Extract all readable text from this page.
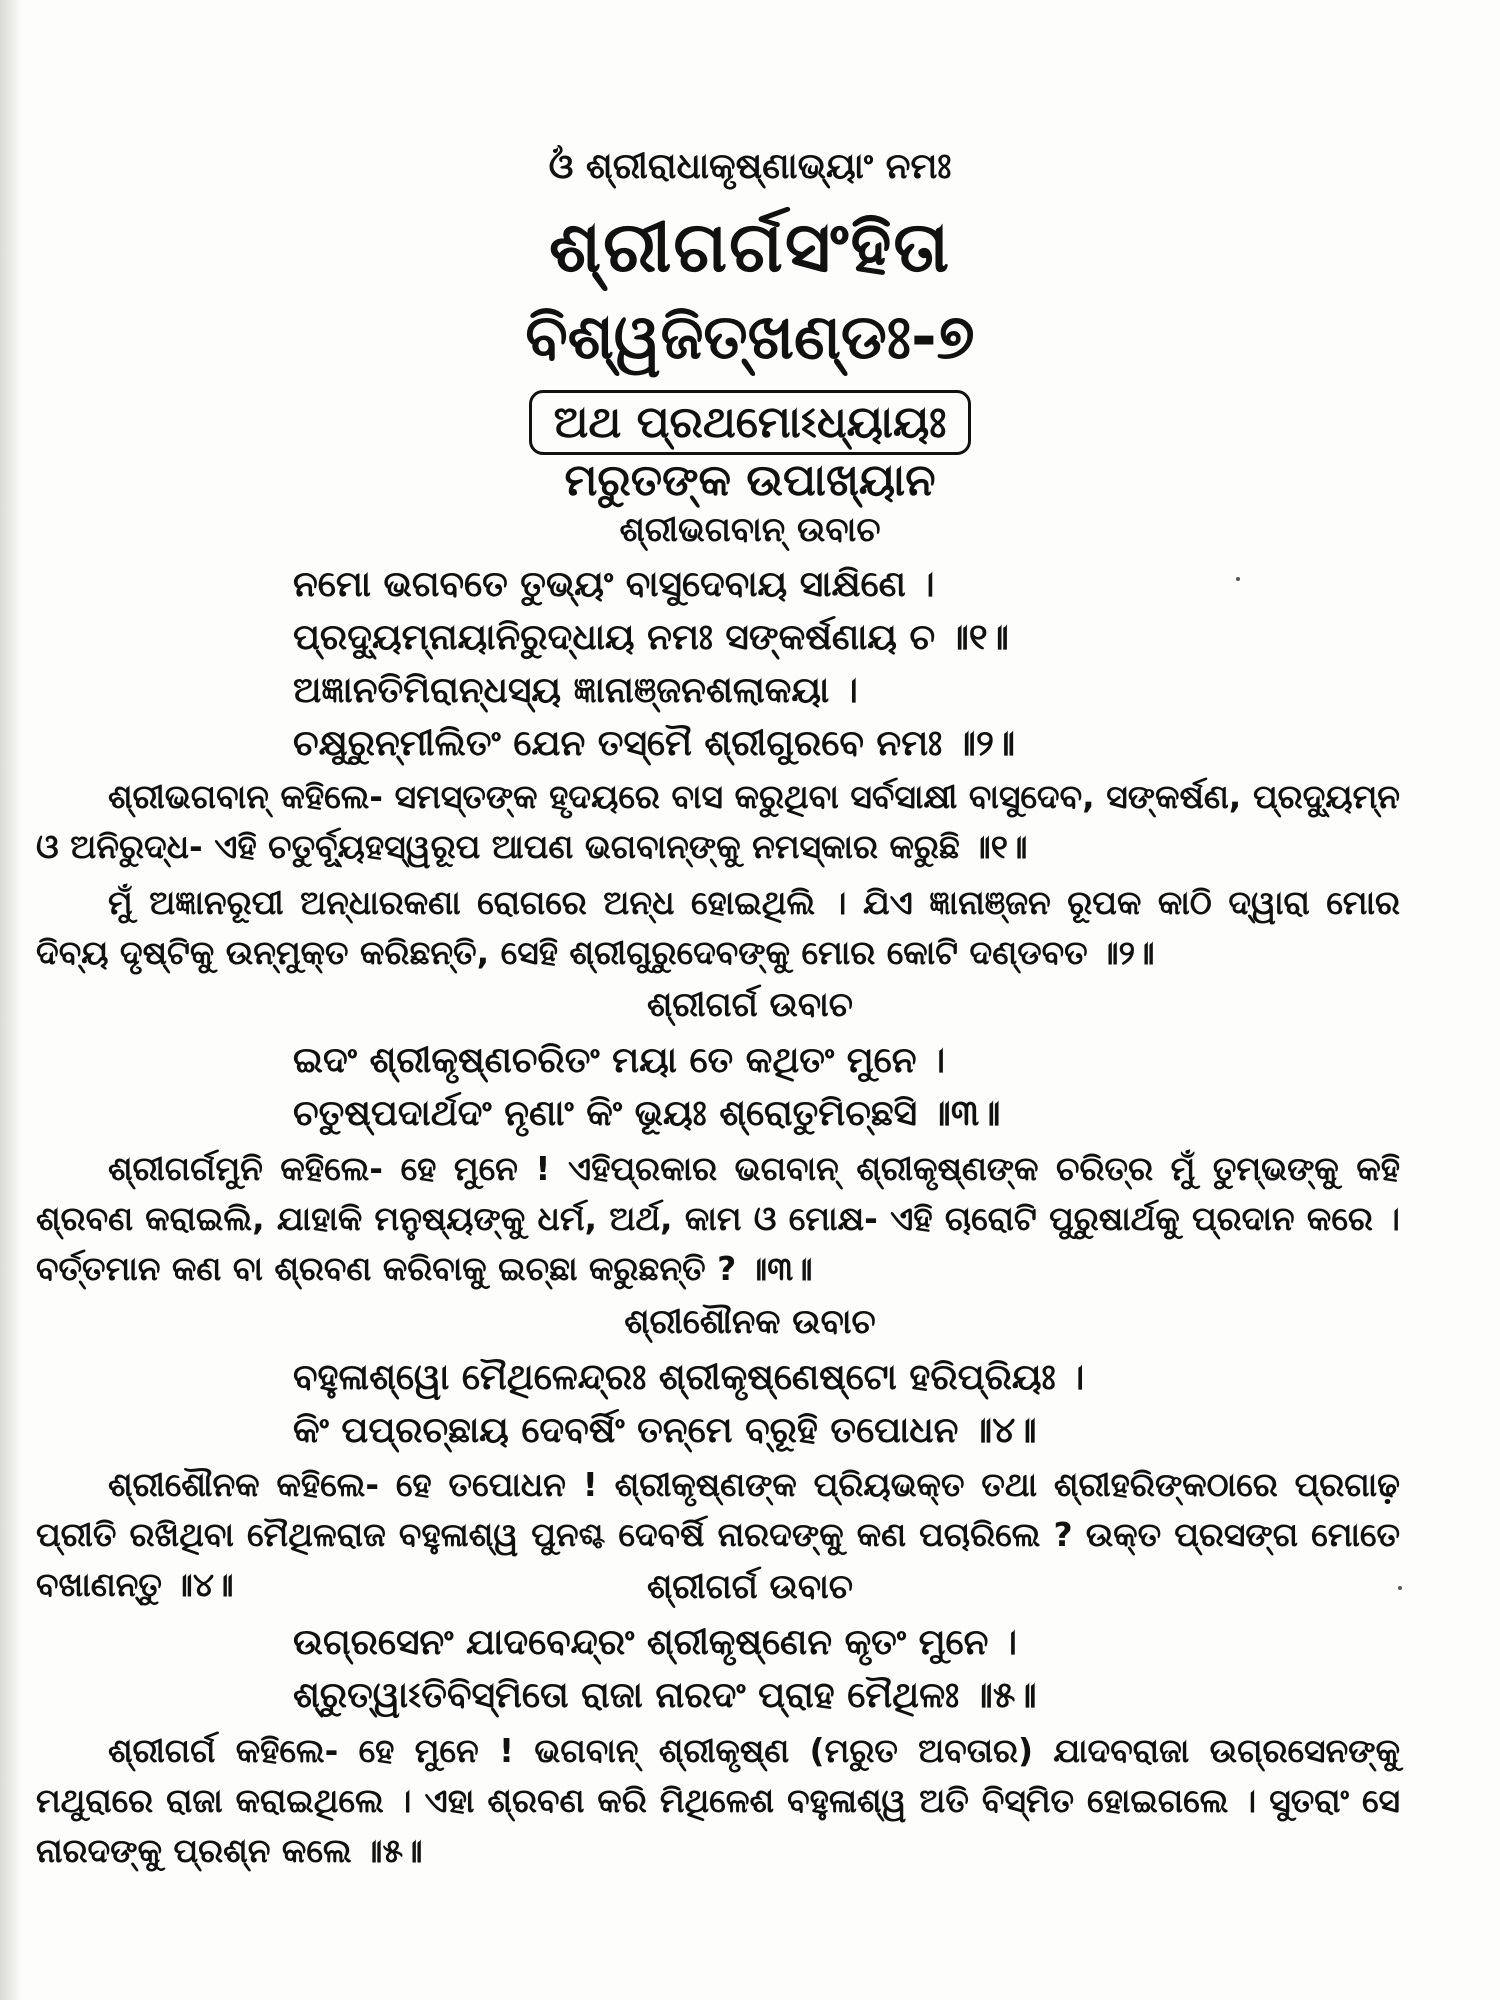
ଓଁ ଶ୍ରୀରାଧାକୃଷ୍ଣାଭ୍ୟାଂ ନମଃ
ଶ୍ରୀଗର୍ଗସଂହିତା
ବିଶ୍ୱଜିତ୍‌ଖଣ୍ଡଃ-୭
ଅଥ ପ୍ରଥମୋଽଧ୍ୟାୟଃ
ମରୁତଙ୍କ ଉପାଖ୍ୟାନ
ଶ୍ରୀଭଗବାନ୍ ଉବାଚ
ନମୋ ଭଗବତେ ତୁଭ୍ୟଂ ବାସୁଦେବାୟ ସାକ୍ଷିଣେ ।
ପ୍ରଦ୍ୟୁମ୍ନାୟାନିରୁଦ୍ଧାୟ ନମଃ ସଙ୍କର୍ଷଣାୟ ଚ ॥୧॥
ଅଜ୍ଞାନତିମିରାନ୍ଧସ୍ୟ ଜ୍ଞାନାଞ୍ଜନଶଲାକୟା ।
ଚକ୍ଷୁରୁନ୍ମୀଲିତଂ ଯେନ ତସ୍ମୈ ଶ୍ରୀଗୁରବେ ନମଃ ॥୨॥
ଶ୍ରୀଭଗବାନ୍ କହିଲେ- ସମସ୍ତଙ୍କ ହୃଦୟରେ ବାସ କରୁଥିବା ସର୍ବସାକ୍ଷୀ ବାସୁଦେବ, ସଙ୍କର୍ଷଣ, ପ୍ରଦ୍ୟୁମ୍ନ ଓ ଅନିରୁଦ୍ଧ- ଏହି ଚତୁର୍ବ୍ୟୂହସ୍ୱରୂପ ଆପଣ ଭଗବାନ୍‌ଙ୍କୁ ନମସ୍କାର କରୁଛି ॥୧॥
ମୁଁ ଅଜ୍ଞାନରୂପୀ ଅନ୍ଧାରକଣା ରୋଗରେ ଅନ୍ଧ ହୋଇଥିଲି । ଯିଏ ଜ୍ଞାନାଞ୍ଜନ ରୂପକ କାଠି ଦ୍ୱାରା ମୋର ଦିବ୍ୟ ଦୃଷ୍ଟିକୁ ଉନ୍ମୁକ୍ତ କରିଛନ୍ତି, ସେହି ଶ୍ରୀଗୁରୁଦେବଙ୍କୁ ମୋର କୋଟି ଦଣ୍ଡବତ ॥୨॥
ଶ୍ରୀଗର୍ଗ ଉବାଚ
ଇଦଂ ଶ୍ରୀକୃଷ୍ଣଚରିତଂ ମୟା ତେ କଥିତଂ ମୁନେ ।
ଚତୁଷ୍ପଦାର୍ଥଦଂ ନୃଣାଂ କିଂ ଭୂୟଃ ଶ୍ରୋତୁମିଚ୍ଛସି ॥୩॥
ଶ୍ରୀଗର୍ଗମୁନି କହିଲେ- ହେ ମୁନେ ! ଏହିପ୍ରକାର ଭଗବାନ୍ ଶ୍ରୀକୃଷ୍ଣଙ୍କ ଚରିତ୍ର ମୁଁ ତୁମ୍ଭଙ୍କୁ କହି ଶ୍ରବଣ କରାଇଲି, ଯାହାକି ମନୁଷ୍ୟଙ୍କୁ ଧର୍ମ, ଅର୍ଥ, କାମ ଓ ମୋକ୍ଷ- ଏହି ଚାରୋଟି ପୁରୁଷାର୍ଥକୁ ପ୍ରଦାନ କରେ । ବର୍ତ୍ତମାନ କଣ ବା ଶ୍ରବଣ କରିବାକୁ ଇଚ୍ଛା କରୁଛନ୍ତି ? ॥୩॥
ଶ୍ରୀଶୌନକ ଉବାଚ
ବହୁଳାଶ୍ୱୋ ମୈଥିଳେନ୍ଦ୍ରଃ ଶ୍ରୀକୃଷ୍ଣେଷ୍ଟୋ ହରିପ୍ରିୟଃ ।
କିଂ ପପ୍ରଚ୍ଛାୟ ଦେବର୍ଷିଂ ତନ୍ମେ ବ୍ରୂହି ତପୋଧନ ॥୪॥
ଶ୍ରୀଶୌନକ କହିଲେ- ହେ ତପୋଧନ ! ଶ୍ରୀକୃଷ୍ଣଙ୍କ ପ୍ରିୟଭକ୍ତ ତଥା ଶ୍ରୀହରିଙ୍କଠାରେ ପ୍ରଗାଢ଼ ପ୍ରୀତି ରଖିଥିବା ମୈଥିଳରାଜ ବହୁଳାଶ୍ୱ ପୁନଶ୍ଚ ଦେବର୍ଷି ନାରଦଙ୍କୁ କଣ ପଚାରିଲେ ? ଉକ୍ତ ପ୍ରସଙ୍ଗ ମୋତେ ବଖାଣନ୍ତୁ ॥୪॥	ଶ୍ରୀଗର୍ଗ ଉବାଚ
ଉଗ୍ରସେନଂ ଯାଦବେନ୍ଦ୍ରଂ ଶ୍ରୀକୃଷ୍ଣେନ କୃତଂ ମୁନେ ।
ଶ୍ରୁତ୍ୱାଽତିବିସ୍ମିତୋ ରାଜା ନାରଦଂ ପ୍ରାହ ମୈଥିଳଃ ॥୫॥
ଶ୍ରୀଗର୍ଗ କହିଲେ- ହେ ମୁନେ ! ଭଗବାନ୍ ଶ୍ରୀକୃଷ୍ଣ (ମରୁତ ଅବତାର) ଯାଦବରାଜା ଉଗ୍ରସେନଙ୍କୁ ମଥୁରାରେ ରାଜା କରାଇଥିଲେ । ଏହା ଶ୍ରବଣ କରି ମିଥିଳେଶ ବହୁଳାଶ୍ୱ ଅତି ବିସ୍ମିତ ହୋଇଗଲେ । ସୁତରାଂ ସେ ନାରଦଙ୍କୁ ପ୍ରଶ୍ନ କଲେ ॥୫॥
